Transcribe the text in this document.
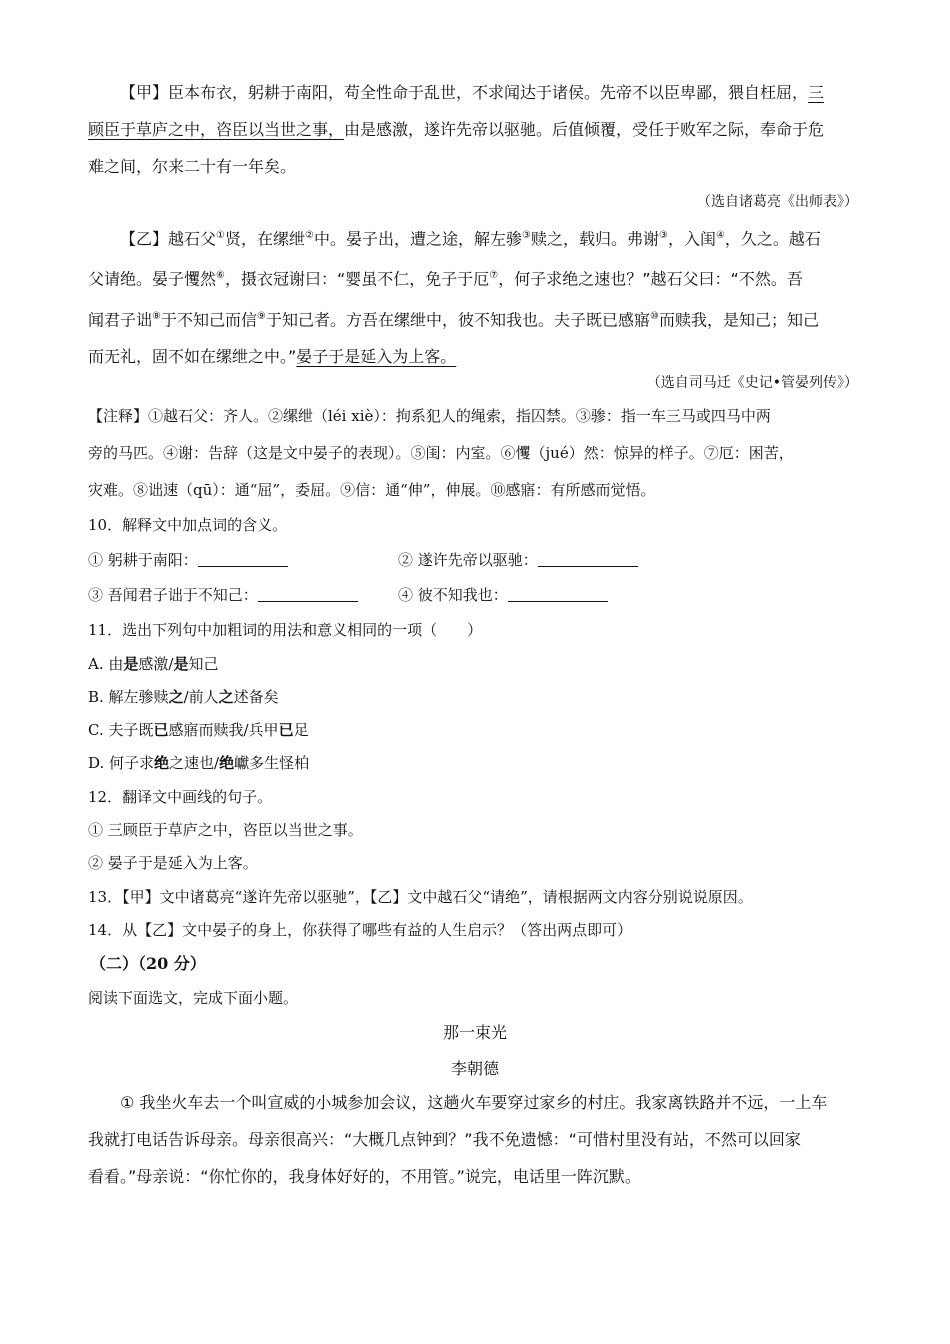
【甲】臣本布衣，躬耕于南阳，苟全性命于乱世，不求闻达于诸侯。先帝不以臣卑鄙，猥自枉屈，三
顾臣于草庐之中，咨臣以当世之事，由是感激，遂许先帝以驱驰。后值倾覆，受任于败军之际，奉命于危
难之间，尔来二十有一年矣。

（选自诸葛亮《出师表》）

【乙】越石父①贤，在缧绁②中。晏子出，遭之途，解左骖③赎之，载归。弗谢③，入闺④，久之。越石
父请绝。晏子戄然⑥，摄衣冠谢曰：“婴虽不仁，免子于厄⑦，何子求绝之速也？”越石父曰：“不然。吾
闻君子诎⑧于不知己而信⑨于知己者。方吾在缧绁中，彼不知我也。夫子既已感寤⑩而赎我，是知己；知己
而无礼，固不如在缧绁之中。”晏子于是延入为上客。

（选自司马迁《史记•管晏列传》）

【注释】①越石父：齐人。②缧绁（léi xiè）：拘系犯人的绳索，指囚禁。③骖：指一车三马或四马中两
旁的马匹。④谢：告辞（这是文中晏子的表现）。⑤闺：内室。⑥戄（jué）然：惊异的样子。⑦厄：困苦，
灾难。⑧诎速（qū）：通“屈”，委屈。⑨信：通“伸”，伸展。⑩感寤：有所感而觉悟。

10．解释文中加点词的含义。
① 躬耕于南阳：	② 遂许先帝以驱驰：
③ 吾闻君子诎于不知己：	④ 彼不知我也：
11．选出下列句中加粗词的用法和意义相同的一项（　　）
A. 由是感激/是知己
B. 解左骖赎之/前人之述备矣
C. 夫子既已感寤而赎我/兵甲已足
D. 何子求绝之速也/绝巘多生怪柏
12．翻译文中画线的句子。
① 三顾臣于草庐之中，咨臣以当世之事。
② 晏子于是延入为上客。
13．【甲】文中诸葛亮“遂许先帝以驱驰”，【乙】文中越石父“请绝”，请根据两文内容分别说说原因。
14．从【乙】文中晏子的身上，你获得了哪些有益的人生启示？（答出两点即可）
（二）（20 分）
阅读下面选文，完成下面小题。
那一束光
李朝德

① 我坐火车去一个叫宣威的小城参加会议，这趟火车要穿过家乡的村庄。我家离铁路并不远，一上车
我就打电话告诉母亲。母亲很高兴：“大概几点钟到？”我不免遗憾：“可惜村里没有站，不然可以回家
看看。”母亲说：“你忙你的，我身体好好的，不用管。”说完，电话里一阵沉默。
